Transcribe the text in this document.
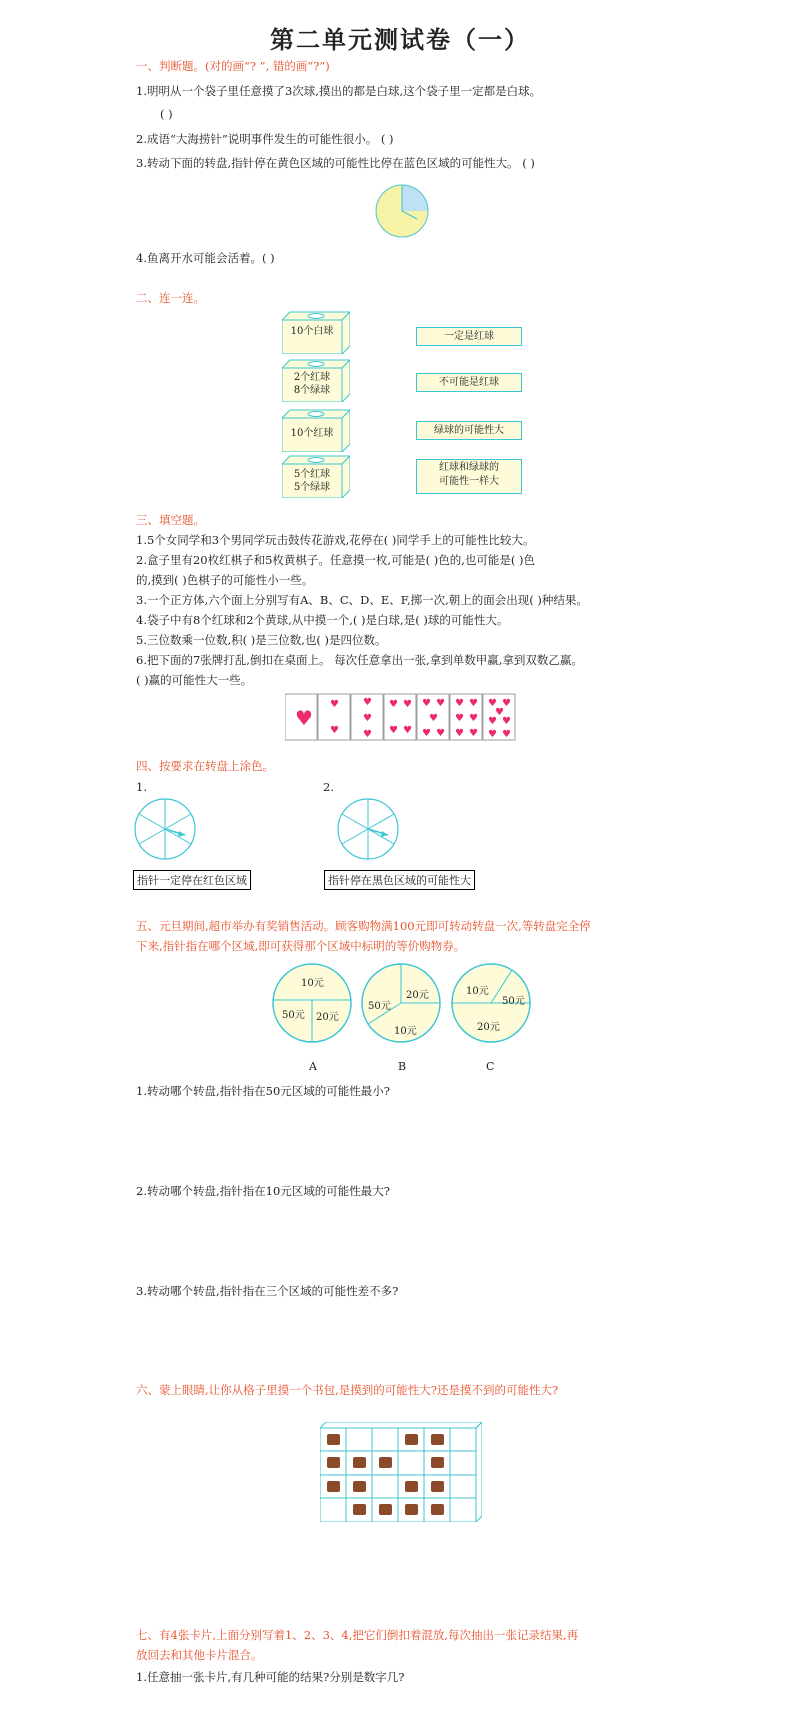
第二单元测试卷（一）
一、判断题。(对的画“? ”, 错的画“?”)
1.明明从一个袋子里任意摸了3次球,摸出的都是白球,这个袋子里一定都是白球。
( )
2.成语“大海捞针”说明事件发生的可能性很小。 ( )
3.转动下面的转盘,指针停在黄色区域的可能性比停在蓝色区域的可能性大。 ( )
4.鱼离开水可能会活着。( )
二、连一连。
10个白球
2个红球
8个绿球
10个红球
5个红球
5个绿球
一定是红球
不可能是红球
绿球的可能性大
红球和绿球的
可能性一样大
三、填空题。
1.5个女同学和3个男同学玩击鼓传花游戏,花停在( )同学手上的可能性比较大。
2.盒子里有20枚红棋子和5枚黄棋子。任意摸一枚,可能是( )色的,也可能是( )色
的,摸到( )色棋子的可能性小一些。
3.一个正方体,六个面上分别写有A、B、C、D、E、F,掷一次,朝上的面会出现( )种结果。
4.袋子中有8个红球和2个黄球,从中摸一个,( )是白球,是( )球的可能性大。
5.三位数乘一位数,积( )是三位数,也( )是四位数。
6.把下面的7张牌打乱,倒扣在桌面上。 每次任意拿出一张,拿到单数甲赢,拿到双数乙赢。
( )赢的可能性大一些。
♥
♥
♥
♥
♥
♥
♥ ♥
♥ ♥
♥ ♥
♥
♥ ♥
♥ ♥
♥ ♥
♥ ♥
♥ ♥
♥
♥ ♥
♥ ♥
四、按要求在转盘上涂色。
1.	2.
指针一定停在红色区域	指针停在黑色区域的可能性大
五、元旦期间,超市举办有奖销售活动。顾客购物满100元即可转动转盘一次,等转盘完全停
下来,指针指在哪个区域,即可获得那个区域中标明的等价购物券。
10元
50元 20元
50元
20元
10元
10元
50元
20元
A	B	C
1.转动哪个转盘,指针指在50元区域的可能性最小?
2.转动哪个转盘,指针指在10元区域的可能性最大?
3.转动哪个转盘,指针指在三个区域的可能性差不多?
六、蒙上眼睛,让你从格子里摸一个书包,是摸到的可能性大?还是摸不到的可能性大?
七、有4张卡片,上面分别写着1、2、3、4,把它们倒扣着混放,每次抽出一张记录结果,再
放回去和其他卡片混合。
1.任意抽一张卡片,有几种可能的结果?分别是数字几?
